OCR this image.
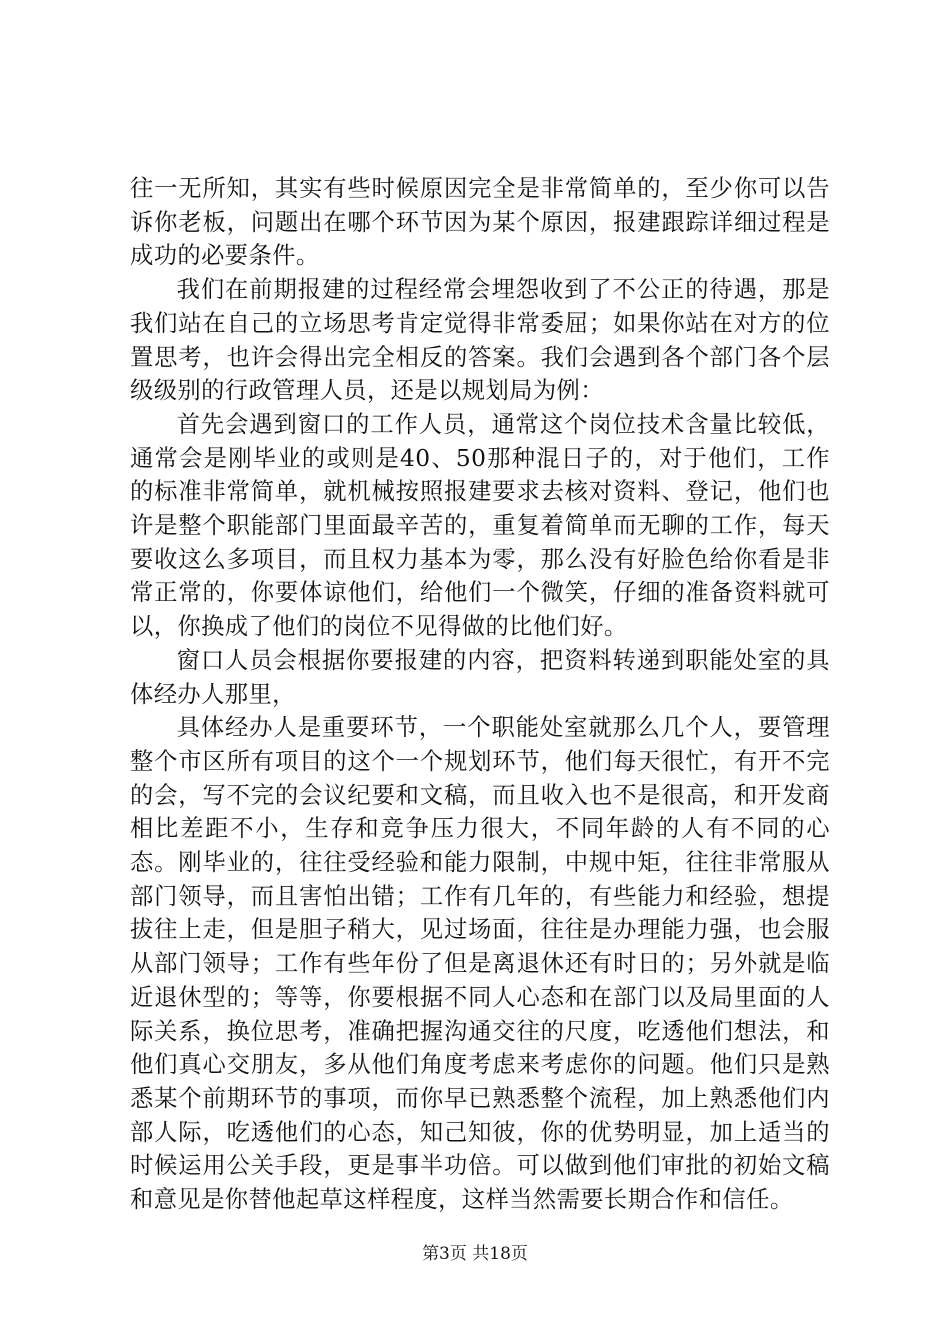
往一无所知，其实有些时候原因完全是非常简单的，至少你可以告诉你老板，问题出在哪个环节因为某个原因，报建跟踪详细过程是成功的必要条件。

我们在前期报建的过程经常会埋怨收到了不公正的待遇，那是我们站在自己的立场思考肯定觉得非常委屈；如果你站在对方的位置思考，也许会得出完全相反的答案。我们会遇到各个部门各个层级级别的行政管理人员，还是以规划局为例：

首先会遇到窗口的工作人员，通常这个岗位技术含量比较低，通常会是刚毕业的或则是40、50那种混日子的，对于他们，工作的标准非常简单，就机械按照报建要求去核对资料、登记，他们也许是整个职能部门里面最辛苦的，重复着简单而无聊的工作，每天要收这么多项目，而且权力基本为零，那么没有好脸色给你看是非常正常的，你要体谅他们，给他们一个微笑，仔细的准备资料就可以，你换成了他们的岗位不见得做的比他们好。

窗口人员会根据你要报建的内容，把资料转递到职能处室的具体经办人那里，

具体经办人是重要环节，一个职能处室就那么几个人，要管理整个市区所有项目的这个一个规划环节，他们每天很忙，有开不完的会，写不完的会议纪要和文稿，而且收入也不是很高，和开发商相比差距不小，生存和竞争压力很大，不同年龄的人有不同的心态。刚毕业的，往往受经验和能力限制，中规中矩，往往非常服从部门领导，而且害怕出错；工作有几年的，有些能力和经验，想提拔往上走，但是胆子稍大，见过场面，往往是办理能力强，也会服从部门领导；工作有些年份了但是离退休还有时日的；另外就是临近退休型的；等等，你要根据不同人心态和在部门以及局里面的人际关系，换位思考，准确把握沟通交往的尺度，吃透他们想法，和他们真心交朋友，多从他们角度考虑来考虑你的问题。他们只是熟悉某个前期环节的事项，而你早已熟悉整个流程，加上熟悉他们内部人际，吃透他们的心态，知己知彼，你的优势明显，加上适当的时候运用公关手段，更是事半功倍。可以做到他们审批的初始文稿和意见是你替他起草这样程度，这样当然需要长期合作和信任。

第3页 共18页
